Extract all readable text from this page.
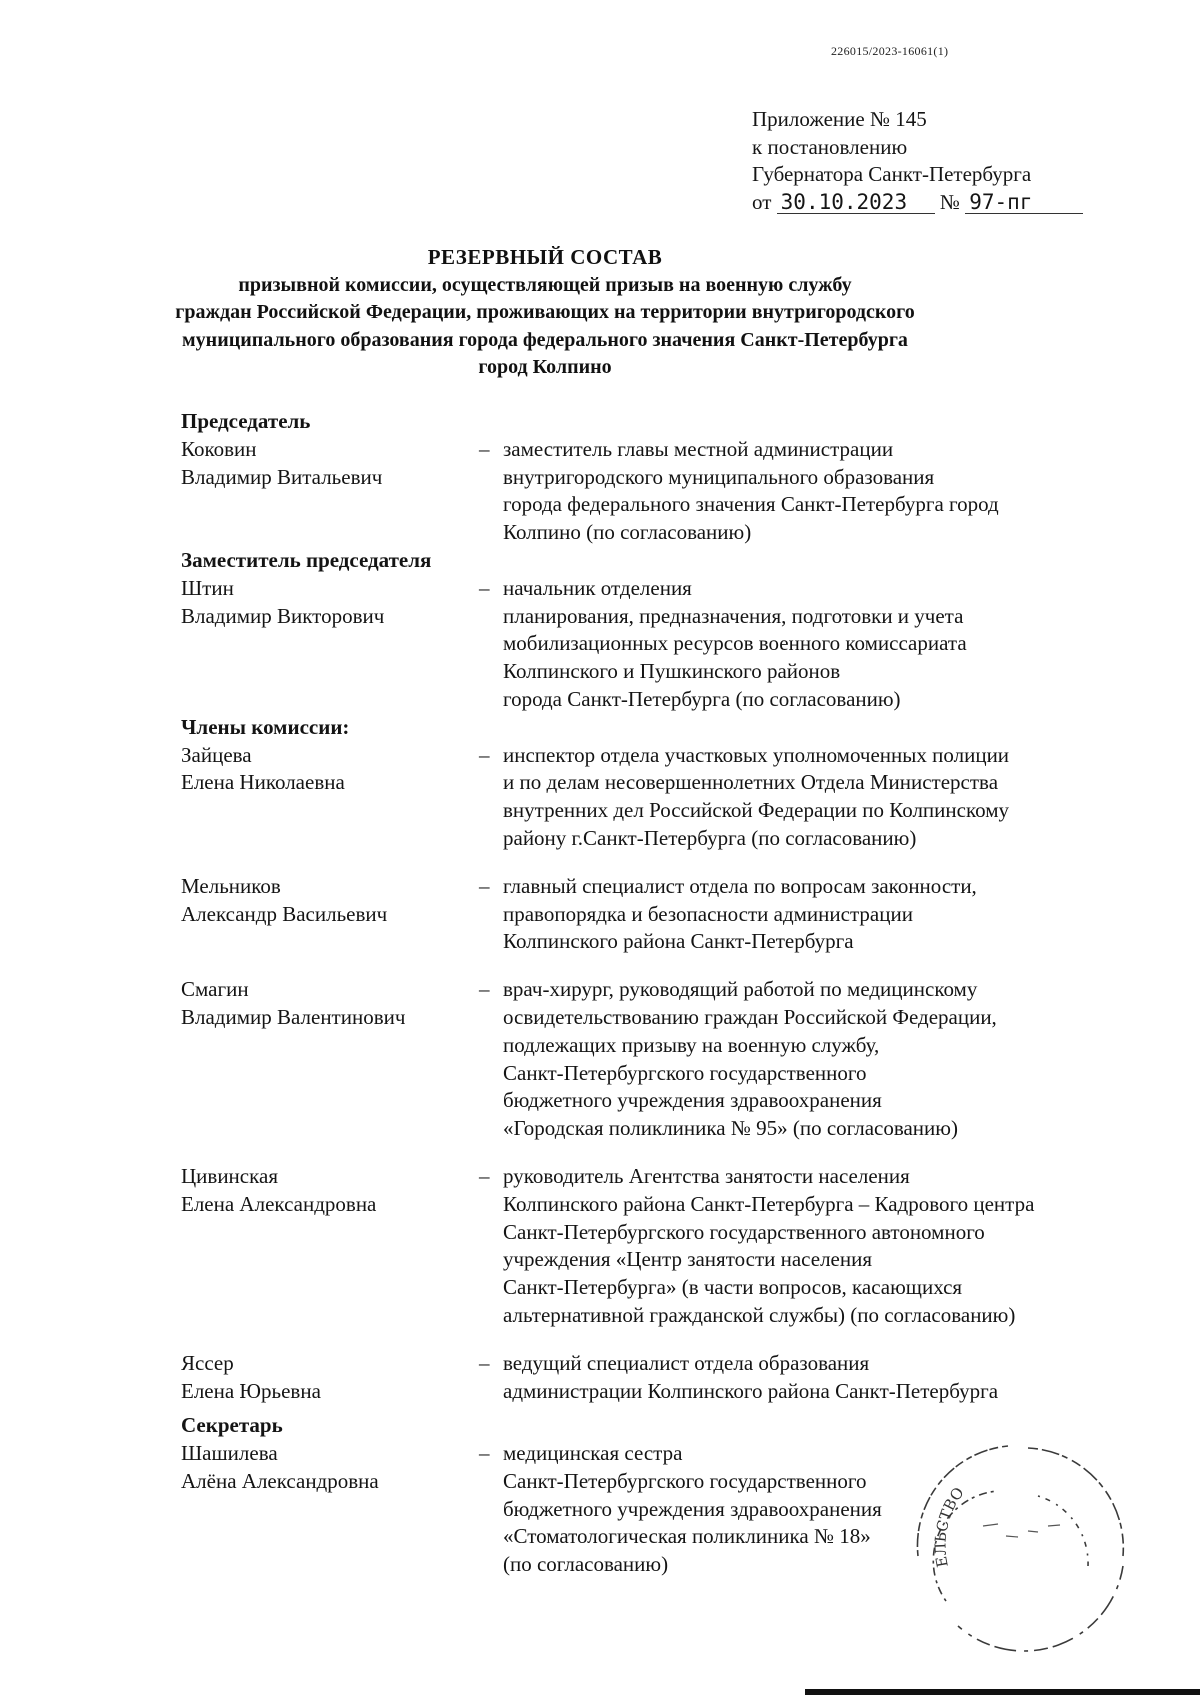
226015/2023-16061(1)
Приложение № 145
к постановлению
Губернатора Санкт-Петербурга
от 30.10.2023 № 97-пг
РЕЗЕРВНЫЙ СОСТАВ
призывной комиссии, осуществляющей призыв на военную службу
граждан Российской Федерации, проживающих на территории внутригородского
муниципального образования города федерального значения Санкт-Петербурга
город Колпино
Председатель
Коковин
Владимир Витальевич
– заместитель главы местной администрации
внутригородского муниципального образования
города федерального значения Санкт-Петербурга город
Колпино (по согласованию)
Заместитель председателя
Штин
Владимир Викторович
– начальник отделения
планирования, предназначения, подготовки и учета
мобилизационных ресурсов военного комиссариата
Колпинского и Пушкинского районов
города Санкт-Петербурга (по согласованию)
Члены комиссии:
Зайцева
Елена Николаевна
– инспектор отдела участковых уполномоченных полиции
и по делам несовершеннолетних Отдела Министерства
внутренних дел Российской Федерации по Колпинскому
району г.Санкт-Петербурга (по согласованию)
Мельников
Александр Васильевич
– главный специалист отдела по вопросам законности,
правопорядка и безопасности администрации
Колпинского района Санкт-Петербурга
Смагин
Владимир Валентинович
– врач-хирург, руководящий работой по медицинскому
освидетельствованию граждан Российской Федерации,
подлежащих призыву на военную службу,
Санкт-Петербургского государственного
бюджетного учреждения здравоохранения
«Городская поликлиника № 95» (по согласованию)
Цивинская
Елена Александровна
– руководитель Агентства занятости населения
Колпинского района Санкт-Петербурга – Кадрового центра
Санкт-Петербургского государственного автономного
учреждения «Центр занятости населения
Санкт-Петербурга» (в части вопросов, касающихся
альтернативной гражданской службы) (по согласованию)
Яссер
Елена Юрьевна
– ведущий специалист отдела образования
администрации Колпинского района Санкт-Петербурга
Секретарь
Шашилева
Алёна Александровна
– медицинская сестра
Санкт-Петербургского государственного
бюджетного учреждения здравоохранения
«Стоматологическая поликлиника № 18»
(по согласованию)	ЕЛЬСТВО
